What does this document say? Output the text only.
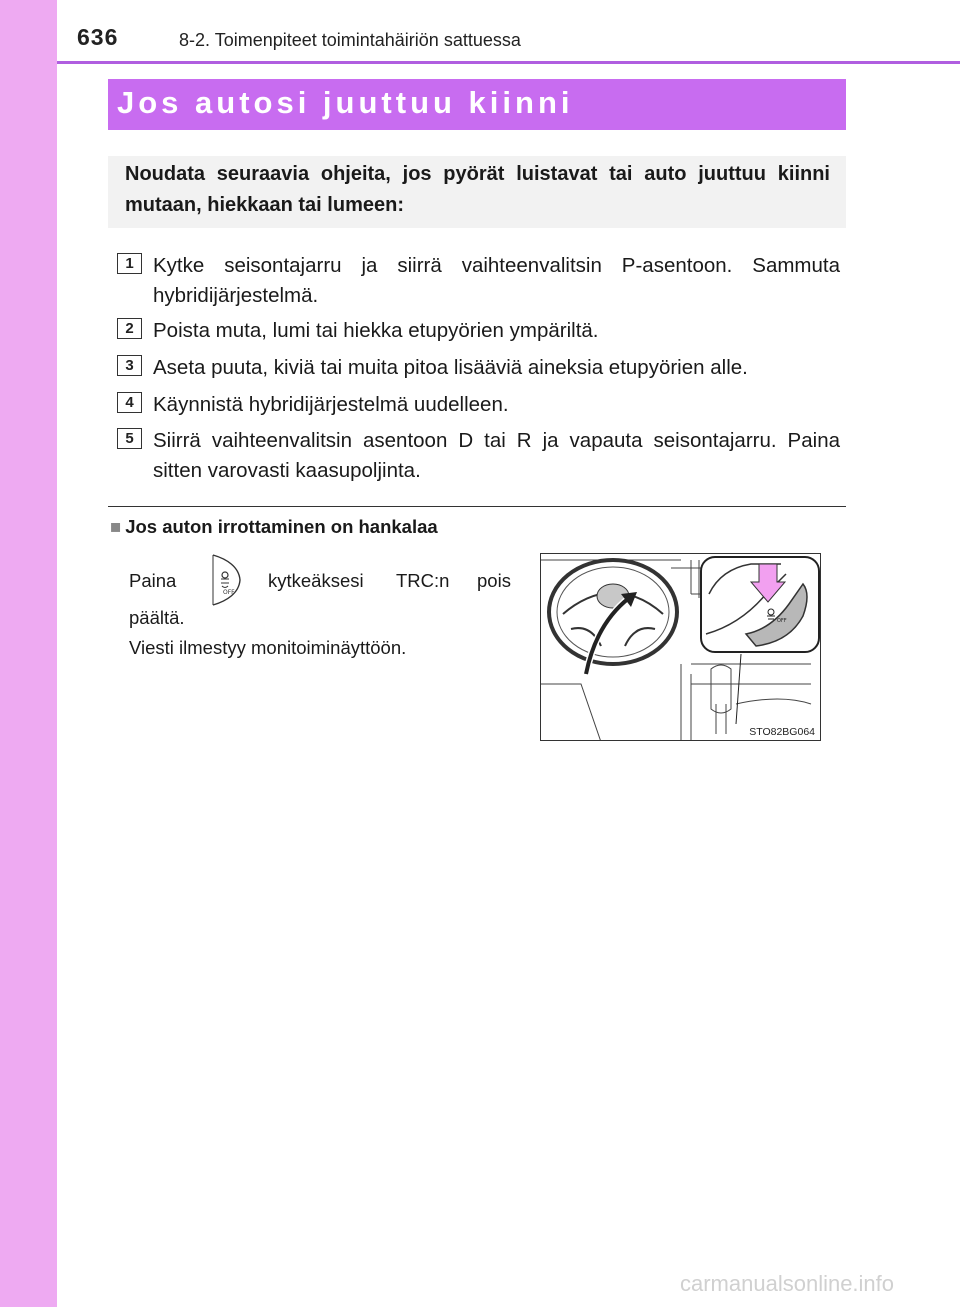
636	8-2. Toimenpiteet toimintahäiriön sattuessa
Jos autosi juuttuu kiinni

Noudata seuraavia ohjeita, jos pyörät luistavat tai auto juuttuu kiinni mutaan, hiekkaan tai lumeen:

1 Kytke seisontajarru ja siirrä vaihteenvalitsin P-asentoon. Sammuta hybridijärjestelmä.
2 Poista muta, lumi tai hiekka etupyörien ympäriltä.
3 Aseta puuta, kiviä tai muita pitoa lisääviä aineksia etupyörien alle.
4 Käynnistä hybridijärjestelmä uudelleen.
5 Siirrä vaihteenvalitsin asentoon D tai R ja vapauta seisontajarru. Paina sitten varovasti kaasupoljinta.
■ Jos auton irrottaminen on hankalaa
Paina	kytkeäksesi TRC:n pois
OFF
päältä.
Viesti ilmestyy monitoiminäyttöön.
OFF
STO82BG064
carmanualsonline.info
